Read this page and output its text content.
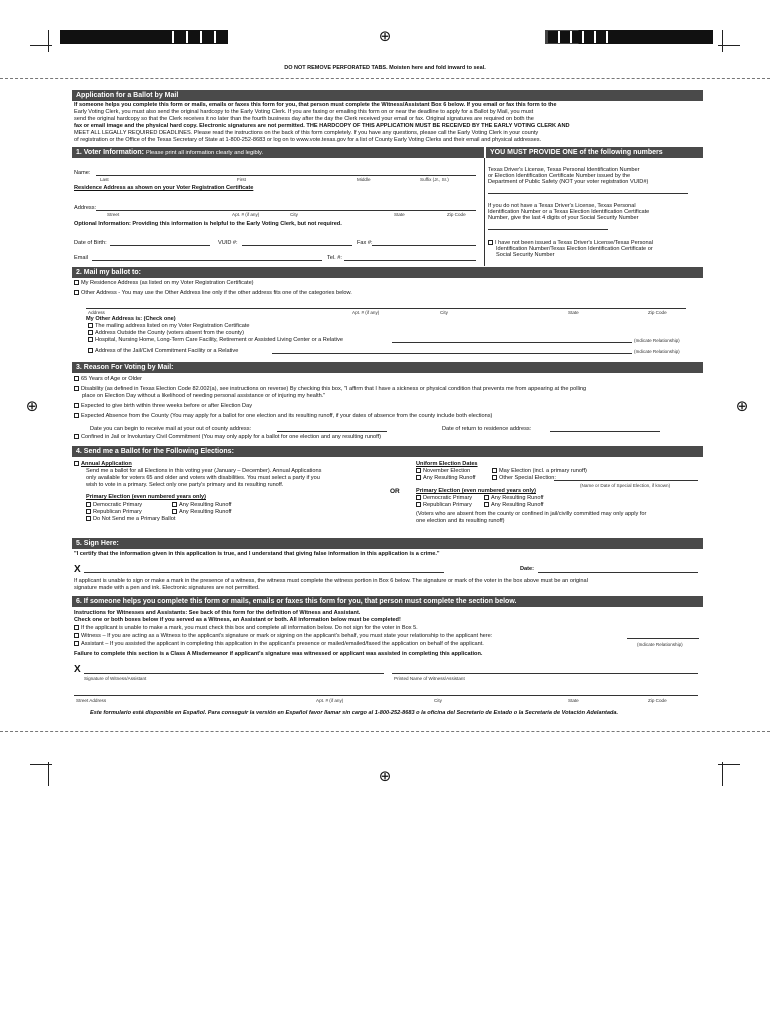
⊕
DO NOT REMOVE PERFORATED TABS. Moisten here and fold inward to seal.
⊕	⊕
Application for a Ballot by Mail
If someone helps you complete this form or mails, emails or faxes this form for you, that person must complete the Witness/Assistant Box 6 below. If you email or fax this form to the
Early Voting Clerk, you must also send the original hardcopy to the Early Voting Clerk. If you are faxing or emailing this form on or near the deadline to apply for a Ballot by Mail, you must
send the original hardcopy so that the Clerk receives it no later than the fourth business day after the day the Clerk received your email or fax. Original signatures are required on both the
fax or email image and the physical hard copy. Electronic signatures are not permitted. THE HARDCOPY OF THIS APPLICATION MUST BE RECEIVED BY THE EARLY VOTING CLERK AND
MEET ALL LEGALLY REQUIRED DEADLINES. Please read the instructions on the back of this form completely. If you have any questions, please call the Early Voting Clerk in your county
of registration or the Office of the Texas Secretary of State at 1-800-252-8683 or log on to www.vote.texas.gov for a list of County Early Voting Clerks and their email and physical addresses.
1. Voter Information: Please print all information clearly and legibly.	YOU MUST PROVIDE ONE of the following numbers
Name:
Last	First	Middle	Suffix (Jr., Sr.)
Residence Address as shown on your Voter Registration Certificate
Address:
Street	Apt. # (if any)	City	State	Zip Code
Optional Information: Providing this information is helpful to the Early Voting Clerk, but not required.
Date of Birth:	VUID #:	Fax #:
Email	Tel. #:
Texas Driver's License, Texas Personal Identification Number
or Election Identification Certificate Number issued by the
Department of Public Safety (NOT your voter registration VUID#)
If you do not have a Texas Driver's License, Texas Personal
Identification Number or a Texas Election Identification Certificate
Number, give the last 4 digits of your Social Security Number
I have not been issued a Texas Driver's License/Texas Personal
Identification Number/Texas Election Identification Certificate or
Social Security Number
2. Mail my ballot to:
My Residence Address (as listed on my Voter Registration Certificate)
Other Address - You may use the Other Address line only if the other address fits one of the categories below.
Address	Apt. # (if any)	City	State	Zip Code
My Other Address is: (Check one)
The mailing address listed on my Voter Registration Certificate
Address Outside the County (voters absent from the county)
Hospital, Nursing Home, Long-Term Care Facility, Retirement or Assisted Living Center or a Relative	(Indicate Relationship)
Address of the Jail/Civil Commitment Facility or a Relative	(Indicate Relationship)
3. Reason For Voting by Mail:
65 Years of Age or Older
Disability (as defined in Texas Election Code 82.002(a), see instructions on reverse) By checking this box, "I affirm that I have a sickness or physical condition that prevents me from appearing at the polling
place on Election Day without a likelihood of needing personal assistance or of injuring my health."
Expected to give birth within three weeks before or after Election Day
Expected Absence from the County (You may apply for a ballot for one election and its resulting runoff, if your dates of absence from the county include both elections)
Date you can begin to receive mail at your out of county address:	Date of return to residence address:
Confined in Jail or Involuntary Civil Commitment (You may only apply for a ballot for one election and any resulting runoff)
4. Send me a Ballot for the Following Elections:
Annual Application
Send me a ballot for all Elections in this voting year (January – December). Annual Applications
only available for voters 65 and older and voters with disabilities. You must select a party if you
wish to vote in a primary. Select only one party's primary and its resulting runoff.
Primary Election (even numbered years only)
Democratic Primary	Any Resulting Runoff
Republican Primary	Any Resulting Runoff
Do Not Send me a Primary Ballot
OR
Uniform Election Dates
November Election	May Election (incl. a primary runoff)
Any Resulting Runoff	Other Special Election:
(Name or Date of Special Election, if known)
Primary Election (even numbered years only)
Democratic Primary	Any Resulting Runoff
Republican Primary	Any Resulting Runoff
(Voters who are absent from the county or confined in jail/civilly committed may only apply for
one election and its resulting runoff)
5. Sign Here:
"I certify that the information given in this application is true, and I understand that giving false information in this application is a crime."
X	Date:
If applicant is unable to sign or make a mark in the presence of a witness, the witness must complete the witness portion in Box 6 below. The signature or mark of the voter in the box above must be an original
signature made with a pen and ink. Electronic signatures are not permitted.
6. If someone helps you complete this form or mails, emails or faxes this form for you, that person must complete the section below.
Instructions for Witnesses and Assistants: See back of this form for the definition of Witness and Assistant.
Check one or both boxes below if you served as a Witness, an Assistant or both. All information below must be completed!
If the applicant is unable to make a mark, you must check this box and complete all information below. Do not sign for the voter in Box 5.
Witness – If you are acting as a Witness to the applicant's signature or mark or signing on the applicant's behalf, you must state your relationship to the applicant here:
Assistant – If you assisted the applicant in completing this application in the applicant's presence or mailed/emailed/faxed the application on behalf of the applicant.	(Indicate Relationship)
Failure to complete this section is a Class A Misdemeanor if applicant's signature was witnessed or applicant was assisted in completing this application.
X
Signature of Witness/Assistant	Printed Name of Witness/Assistant
Street Address	Apt. # (if any)	City	State	Zip Code
Este formulario está disponible en Español. Para conseguir la versión en Español favor llamar sin cargo al 1-800-252-8683 o la oficina del Secretario de Estado o la Secretaría de Votación Adelantada.
⊕
